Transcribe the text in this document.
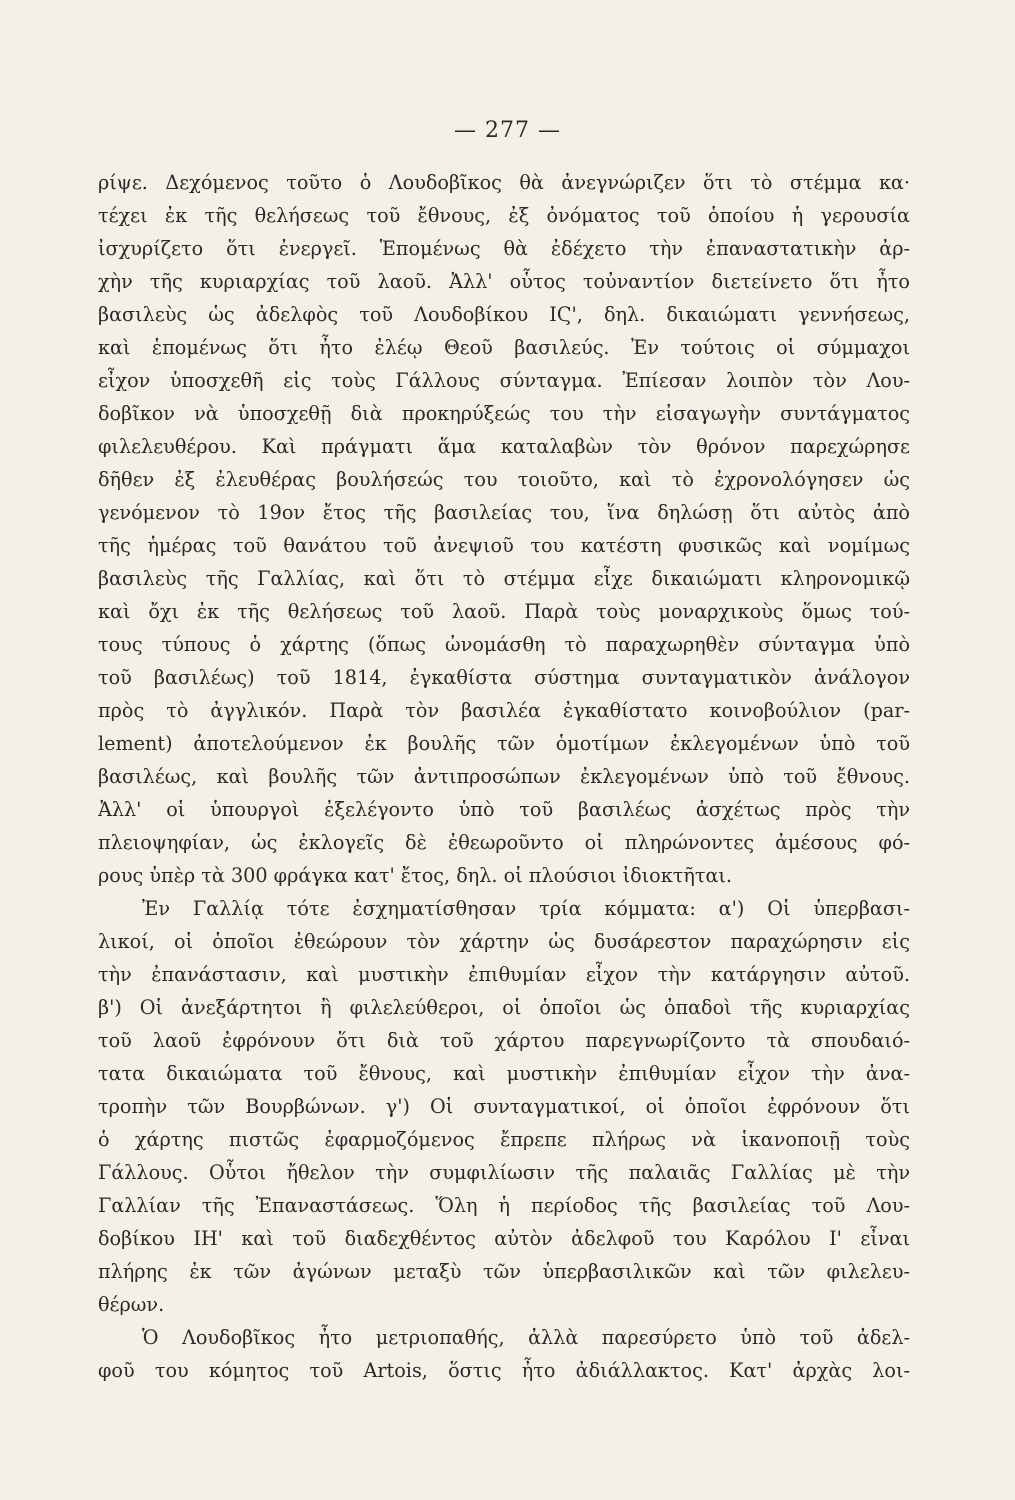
— 277 —
ρίψε. Δεχόμενος τοῦτο ὁ Λουδοβῖκος θὰ ἀνεγνώριζεν ὅτι τὸ στέμμα κα·
τέχει ἐκ τῆς θελήσεως τοῦ ἔθνους, ἐξ ὀνόματος τοῦ ὁποίου ἡ γερουσία
ἰσχυρίζετο ὅτι ἐνεργεῖ. Ἑπομένως θὰ ἐδέχετο τὴν ἐπαναστατικὴν ἀρ-
χὴν τῆς κυριαρχίας τοῦ λαοῦ. Ἀλλ' οὗτος τοὐναντίον διετείνετο ὅτι ἦτο
βασιλεὺς ὡς ἀδελφὸς τοῦ Λουδοβίκου ΙϚ', δηλ. δικαιώματι γεννήσεως,
καὶ ἑπομένως ὅτι ἦτο ἐλέῳ Θεοῦ βασιλεύς. Ἐν τούτοις οἱ σύμμαχοι
εἶχον ὑποσχεθῆ εἰς τοὺς Γάλλους σύνταγμα. Ἐπίεσαν λοιπὸν τὸν Λου-
δοβῖκον νὰ ὑποσχεθῇ διὰ προκηρύξεώς του τὴν εἰσαγωγὴν συντάγματος
φιλελευθέρου. Καὶ πράγματι ἅμα καταλαβὼν τὸν θρόνον παρεχώρησε
δῆθεν ἐξ ἐλευθέρας βουλήσεώς του τοιοῦτο, καὶ τὸ ἐχρονολόγησεν ὡς
γενόμενον τὸ 19ον ἔτος τῆς βασιλείας του, ἵνα δηλώσῃ ὅτι αὐτὸς ἀπὸ
τῆς ἡμέρας τοῦ θανάτου τοῦ ἀνεψιοῦ του κατέστη φυσικῶς καὶ νομίμως
βασιλεὺς τῆς Γαλλίας, καὶ ὅτι τὸ στέμμα εἶχε δικαιώματι κληρονομικῷ
καὶ ὄχι ἐκ τῆς θελήσεως τοῦ λαοῦ. Παρὰ τοὺς μοναρχικοὺς ὅμως τού-
τους τύπους ὁ χάρτης (ὅπως ὠνομάσθη τὸ παραχωρηθὲν σύνταγμα ὑπὸ
τοῦ βασιλέως) τοῦ 1814, ἐγκαθίστα σύστημα συνταγματικὸν ἀνάλογον
πρὸς τὸ ἀγγλικόν. Παρὰ τὸν βασιλέα ἐγκαθίστατο κοινοβούλιον (par-
lement) ἀποτελούμενον ἐκ βουλῆς τῶν ὁμοτίμων ἐκλεγομένων ὑπὸ τοῦ
βασιλέως, καὶ βουλῆς τῶν ἀντιπροσώπων ἐκλεγομένων ὑπὸ τοῦ ἔθνους.
Ἀλλ' οἱ ὑπουργοὶ ἐξελέγοντο ὑπὸ τοῦ βασιλέως ἀσχέτως πρὸς τὴν
πλειοψηφίαν, ὡς ἐκλογεῖς δὲ ἐθεωροῦντο οἱ πληρώνοντες ἀμέσους φό-
ρους ὑπὲρ τὰ 300 φράγκα κατ' ἔτος, δηλ. οἱ πλούσιοι ἰδιοκτῆται.
Ἐν Γαλλίᾳ τότε ἐσχηματίσθησαν τρία κόμματα: α') Οἱ ὑπερβασι-
λικοί, οἱ ὁποῖοι ἐθεώρουν τὸν χάρτην ὡς δυσάρεστον παραχώρησιν εἰς
τὴν ἐπανάστασιν, καὶ μυστικὴν ἐπιθυμίαν εἶχον τὴν κατάργησιν αὐτοῦ.
β') Οἱ ἀνεξάρτητοι ἢ φιλελεύθεροι, οἱ ὁποῖοι ὡς ὀπαδοὶ τῆς κυριαρχίας
τοῦ λαοῦ ἐφρόνουν ὅτι διὰ τοῦ χάρτου παρεγνωρίζοντο τὰ σπουδαιό-
τατα δικαιώματα τοῦ ἔθνους, καὶ μυστικὴν ἐπιθυμίαν εἶχον τὴν ἀνα-
τροπὴν τῶν Βουρβώνων. γ') Οἱ συνταγματικοί, οἱ ὁποῖοι ἐφρόνουν ὅτι
ὁ χάρτης πιστῶς ἐφαρμοζόμενος ἔπρεπε πλήρως νὰ ἱκανοποιῇ τοὺς
Γάλλους. Οὗτοι ἤθελον τὴν συμφιλίωσιν τῆς παλαιᾶς Γαλλίας μὲ τὴν
Γαλλίαν τῆς Ἐπαναστάσεως. Ὅλη ἡ περίοδος τῆς βασιλείας τοῦ Λου-
δοβίκου ΙΗ' καὶ τοῦ διαδεχθέντος αὐτὸν ἀδελφοῦ του Καρόλου Ι' εἶναι
πλήρης ἐκ τῶν ἀγώνων μεταξὺ τῶν ὑπερβασιλικῶν καὶ τῶν φιλελευ-
θέρων.
Ὁ Λουδοβῖκος ἦτο μετριοπαθής, ἀλλὰ παρεσύρετο ὑπὸ τοῦ ἀδελ-
φοῦ του κόμητος τοῦ Artois, ὅστις ἦτο ἀδιάλλακτος. Κατ' ἀρχὰς λοι-
